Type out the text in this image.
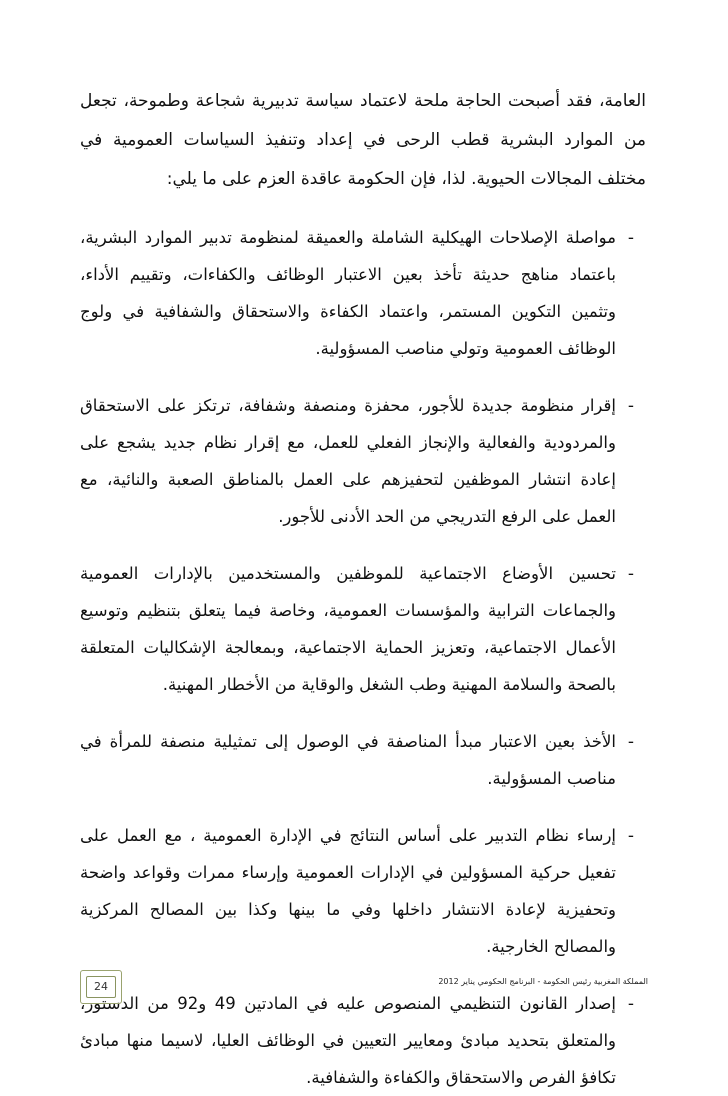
العامة، فقد أصبحت الحاجة ملحة لاعتماد سياسة تدبيرية شجاعة وطموحة، تجعل من الموارد البشرية قطب الرحى في إعداد وتنفيذ السياسات العمومية في مختلف المجالات الحيوية. لذا، فإن الحكومة عاقدة العزم على ما يلي:

-
مواصلة الإصلاحات الهيكلية الشاملة والعميقة لمنظومة تدبير الموارد البشرية، باعتماد مناهج حديثة تأخذ بعين الاعتبار الوظائف والكفاءات، وتقييم الأداء، وتثمين التكوين المستمر، واعتماد الكفاءة والاستحقاق والشفافية في ولوج الوظائف العمومية وتولي مناصب المسؤولية.
-
إقرار منظومة جديدة للأجور، محفزة ومنصفة وشفافة، ترتكز على الاستحقاق والمردودية والفعالية والإنجاز الفعلي للعمل، مع إقرار نظام جديد يشجع على إعادة انتشار الموظفين لتحفيزهم على العمل بالمناطق الصعبة والنائية، مع العمل على الرفع التدريجي من الحد الأدنى للأجور.
-
تحسين الأوضاع الاجتماعية للموظفين والمستخدمين بالإدارات العمومية والجماعات الترابية والمؤسسات العمومية، وخاصة فيما يتعلق بتنظيم وتوسيع الأعمال الاجتماعية، وتعزيز الحماية الاجتماعية، وبمعالجة الإشكاليات المتعلقة بالصحة والسلامة المهنية وطب الشغل والوقاية من الأخطار المهنية.
-
الأخذ بعين الاعتبار مبدأ المناصفة في الوصول إلى تمثيلية منصفة للمرأة في مناصب المسؤولية.
-
إرساء نظام التدبير على أساس النتائج في الإدارة العمومية ، مع العمل على تفعيل حركية المسؤولين في الإدارات العمومية وإرساء ممرات وقواعد واضحة وتحفيزية لإعادة الانتشار داخلها وفي ما بينها وكذا بين المصالح المركزية والمصالح الخارجية.
-
إصدار القانون التنظيمي المنصوص عليه في المادتين 49 و92 من الدستور، والمتعلق بتحديد مبادئ ومعايير التعيين في الوظائف العليا، لاسيما منها مبادئ تكافؤ الفرص والاستحقاق والكفاءة والشفافية.
المملكة المغربية رئيس الحكومة - البرنامج الحكومي يناير 2012
24
